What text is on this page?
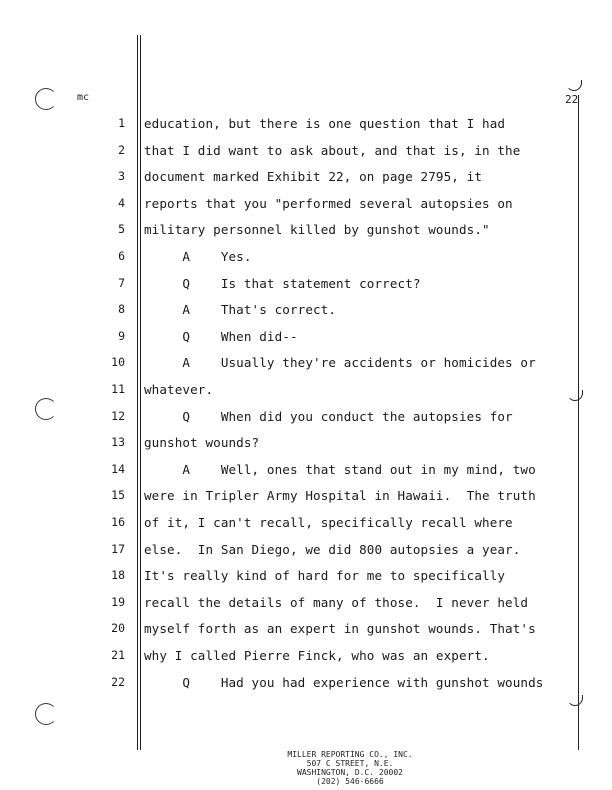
mc	22
1 education, but there is one question that I had
2 that I did want to ask about, and that is, in the
3 document marked Exhibit 22, on page 2795, it
4 reports that you "performed several autopsies on
5 military personnel killed by gunshot wounds."
6 A    Yes.
7 Q    Is that statement correct?
8 A    That's correct.
9 Q    When did--
10 A    Usually they're accidents or homicides or
11 whatever.
12 Q    When did you conduct the autopsies for
13 gunshot wounds?
14 A    Well, ones that stand out in my mind, two
15 were in Tripler Army Hospital in Hawaii.  The truth
16 of it, I can't recall, specifically recall where
17 else.  In San Diego, we did 800 autopsies a year.
18 It's really kind of hard for me to specifically
19 recall the details of many of those.  I never held
20 myself forth as an expert in gunshot wounds. That's
21 why I called Pierre Finck, who was an expert.
22 Q    Had you had experience with gunshot wounds
MILLER REPORTING CO., INC.
507 C STREET, N.E.
WASHINGTON, D.C. 20002
(202) 546-6666
